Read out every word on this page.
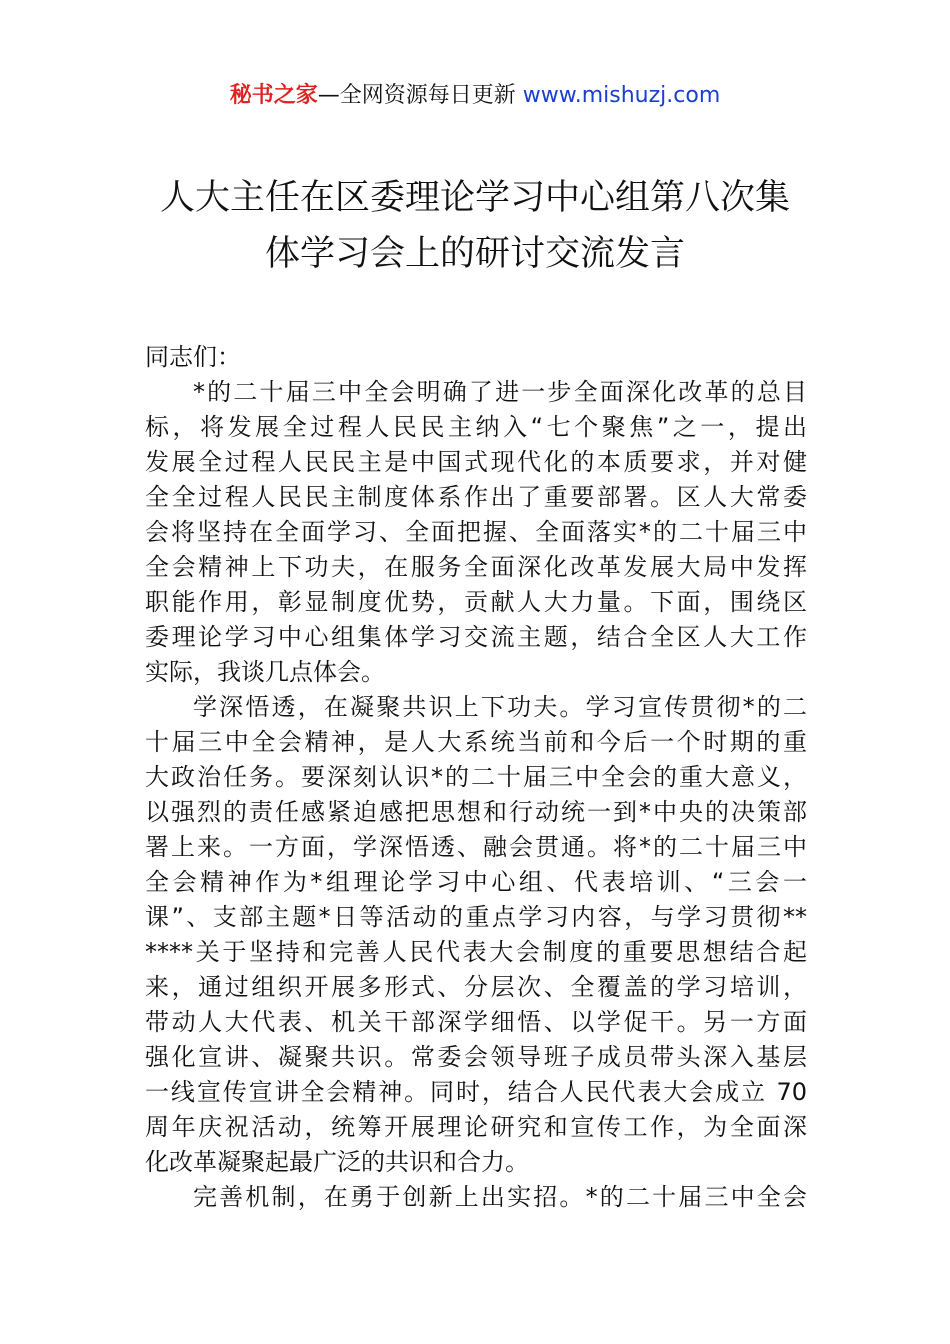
秘书之家—全网资源每日更新 www.mishuzj.com
人大主任在区委理论学习中心组第八次集
体学习会上的研讨交流发言
同志们：
*的二十届三中全会明确了进一步全面深化改革的总目
标，将发展全过程人民民主纳入“七个聚焦”之一，提出
发展全过程人民民主是中国式现代化的本质要求，并对健
全全过程人民民主制度体系作出了重要部署。区人大常委
会将坚持在全面学习、全面把握、全面落实*的二十届三中
全会精神上下功夫，在服务全面深化改革发展大局中发挥
职能作用，彰显制度优势，贡献人大力量。下面，围绕区
委理论学习中心组集体学习交流主题，结合全区人大工作
实际，我谈几点体会。
学深悟透，在凝聚共识上下功夫。学习宣传贯彻*的二
十届三中全会精神，是人大系统当前和今后一个时期的重
大政治任务。要深刻认识*的二十届三中全会的重大意义，
以强烈的责任感紧迫感把思想和行动统一到*中央的决策部
署上来。一方面，学深悟透、融会贯通。将*的二十届三中
全会精神作为*组理论学习中心组、代表培训、“三会一
课”、支部主题*日等活动的重点学习内容，与学习贯彻**
****关于坚持和完善人民代表大会制度的重要思想结合起
来，通过组织开展多形式、分层次、全覆盖的学习培训，
带动人大代表、机关干部深学细悟、以学促干。另一方面
强化宣讲、凝聚共识。常委会领导班子成员带头深入基层
一线宣传宣讲全会精神。同时，结合人民代表大会成立 70
周年庆祝活动，统筹开展理论研究和宣传工作，为全面深
化改革凝聚起最广泛的共识和合力。
完善机制，在勇于创新上出实招。*的二十届三中全会
